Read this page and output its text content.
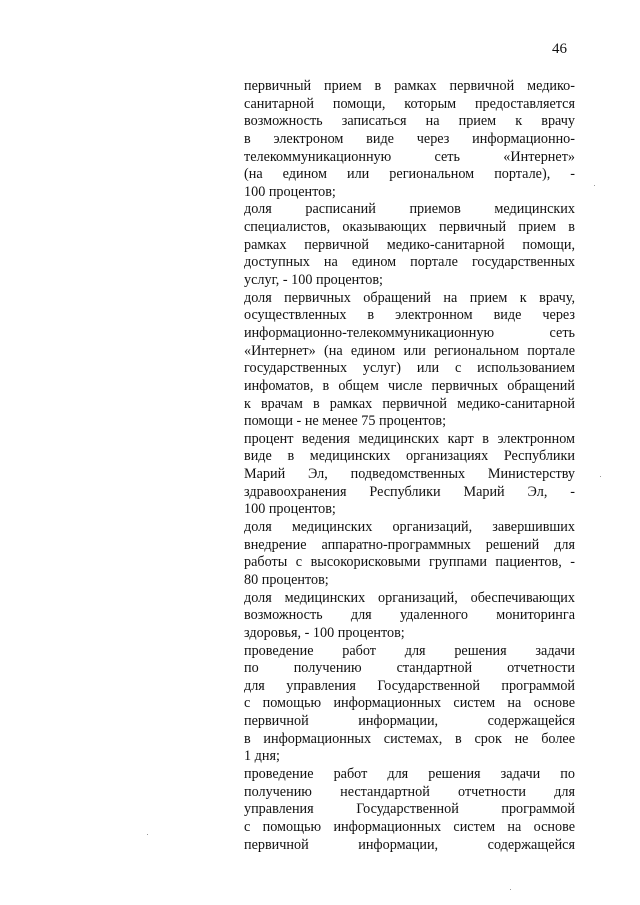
46
первичный прием в рамках первичной медико-
санитарной помощи, которым предоставляется
возможность записаться на прием к врачу
в электроном виде через информационно-
телекоммуникационную сеть «Интернет»
(на едином или региональном портале), -
100 процентов;
доля расписаний приемов медицинских
специалистов, оказывающих первичный прием в
рамках первичной медико-санитарной помощи,
доступных на едином портале государственных
услуг, - 100 процентов;
доля первичных обращений на прием к врачу,
осуществленных в электронном виде через
информационно-телекоммуникационную сеть
«Интернет» (на едином или региональном портале
государственных услуг) или с использованием
инфоматов, в общем числе первичных обращений
к врачам в рамках первичной медико-санитарной
помощи - не менее 75 процентов;
процент ведения медицинских карт в электронном
виде в медицинских организациях Республики
Марий Эл, подведомственных Министерству
здравоохранения Республики Марий Эл, -
100 процентов;
доля медицинских организаций, завершивших
внедрение аппаратно-программных решений для
работы с высокорисковыми группами пациентов, -
80 процентов;
доля медицинских организаций, обеспечивающих
возможность для удаленного мониторинга
здоровья, - 100 процентов;
проведение работ для решения задачи
по получению стандартной отчетности
для управления Государственной программой
с помощью информационных систем на основе
первичной информации, содержащейся
в информационных системах, в срок не более
1 дня;
проведение работ для решения задачи по
получению нестандартной отчетности для
управления Государственной программой
с помощью информационных систем на основе
первичной информации, содержащейся
